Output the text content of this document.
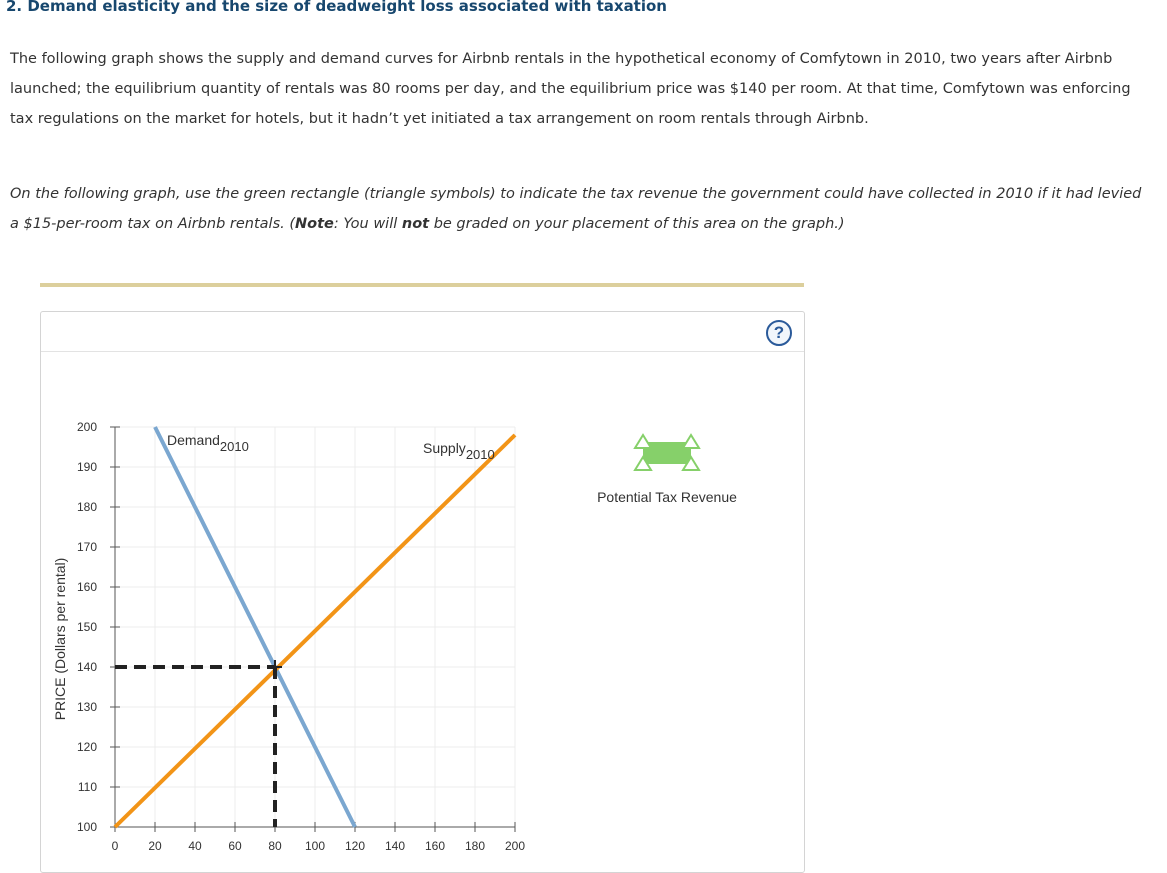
2. Demand elasticity and the size of deadweight loss associated with taxation
The following graph shows the supply and demand curves for Airbnb rentals in the hypothetical economy of Comfytown in 2010, two years after Airbnb launched; the equilibrium quantity of rentals was 80 rooms per day, and the equilibrium price was $140 per room. At that time, Comfytown was enforcing tax regulations on the market for hotels, but it hadn’t yet initiated a tax arrangement on room rentals through Airbnb.
On the following graph, use the green rectangle (triangle symbols) to indicate the tax revenue the government could have collected in 2010 if it had levied a $15-per-room tax on Airbnb rentals. (Note: You will not be graded on your placement of this area on the graph.)
?
100
110
120
130
140
150
160
170
180
190
200
0 20 40 60 80 100 120 140 160 180 200
PRICE (Dollars per rental)
Demand2010	Supply2010
Potential Tax Revenue
